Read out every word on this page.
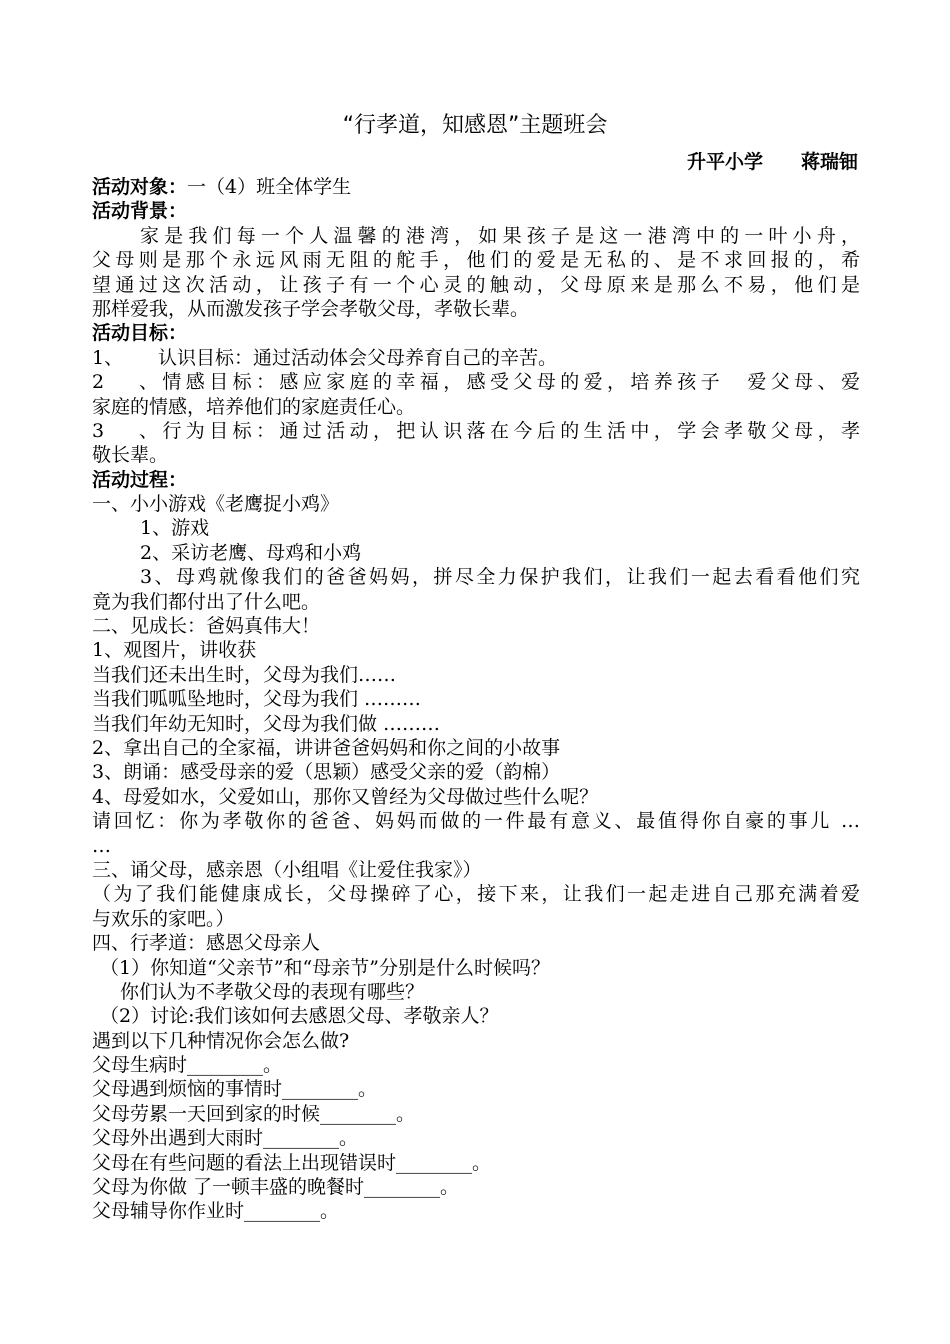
“行孝道，知感恩”主题班会
升平小学　　蒋瑞钿
活动对象：一（4）班全体学生
活动背景：
家是我们每一个人温馨的港湾，如果孩子是这一港湾中的一叶小舟，
父母则是那个永远风雨无阻的舵手，他们的爱是无私的、是不求回报的，希
望通过这次活动，让孩子有一个心灵的触动，父母原来是那么不易，他们是
那样爱我，从而激发孩子学会孝敬父母，孝敬长辈。
活动目标：
1、 认识目标：通过活动体会父母养育自己的辛苦。
2、情感目标：感应家庭的幸福，感受父母的爱，培养孩子　爱父母、爱
家庭的情感，培养他们的家庭责任心。
3、行为目标：通过活动，把认识落在今后的生活中，学会孝敬父母，孝
敬长辈。
活动过程：
一、小小游戏《老鹰捉小鸡》
1、游戏
2、采访老鹰、母鸡和小鸡
3、母鸡就像我们的爸爸妈妈，拼尽全力保护我们，让我们一起去看看他们究
竟为我们都付出了什么吧。
二、见成长：爸妈真伟大！
1、观图片，讲收获
当我们还未出生时，父母为我们……
当我们呱呱坠地时，父母为我们 ………
当我们年幼无知时，父母为我们做 ………
2、拿出自己的全家福，讲讲爸爸妈妈和你之间的小故事
3、朗诵：感受母亲的爱（思颖）感受父亲的爱（韵棉）
4、母爱如水，父爱如山，那你又曾经为父母做过些什么呢？
请回忆：你为孝敬你的爸爸、妈妈而做的一件最有意义、最值得你自豪的事儿 …
…
三、诵父母，感亲恩（小组唱《让爱住我家》）
（为了我们能健康成长，父母操碎了心，接下来，让我们一起走进自己那充满着爱
与欢乐的家吧。）
四、行孝道：感恩父母亲人
（1）你知道“父亲节”和“母亲节”分别是什么时候吗？
你们认为不孝敬父母的表现有哪些？
（2）讨论:我们该如何去感恩父母、孝敬亲人？
遇到以下几种情况你会怎么做?
父母生病时________。
父母遇到烦恼的事情时________。
父母劳累一天回到家的时候________。
父母外出遇到大雨时________。
父母在有些问题的看法上出现错误时________。
父母为你做 了一顿丰盛的晚餐时________。
父母辅导你作业时________。
